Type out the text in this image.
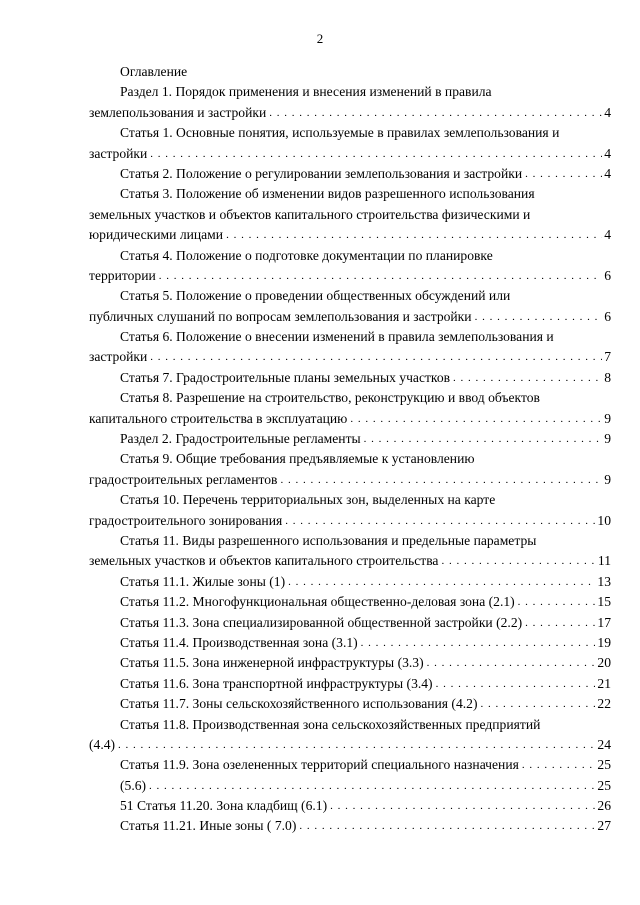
2
Оглавление
Раздел 1. Порядок применения и внесения изменений в правила
землепользования и застройки . . .	4
Статья 1. Основные понятия, используемые в правилах землепользования и
застройки . . .	4
Статья 2. Положение о регулировании землепользования и застройки . . .	4
Статья 3. Положение об изменении видов разрешенного использования
земельных участков и объектов капитального строительства физическими и
юридическими лицами . . .	4
Статья 4. Положение о подготовке документации по планировке
территории . . .	6
Статья 5. Положение о проведении общественных обсуждений или
публичных слушаний по вопросам землепользования и застройки . . .	6
Статья 6. Положение о внесении изменений в правила землепользования и
застройки . . .	7
Статья 7. Градостроительные планы земельных участков . . .	8
Статья 8. Разрешение на строительство, реконструкцию и ввод объектов
капитального строительства в эксплуатацию . . .	9
Раздел 2. Градостроительные регламенты . . .	9
Статья 9. Общие требования предъявляемые к установлению
градостроительных регламентов . . .	9
Статья 10. Перечень территориальных зон, выделенных на карте
градостроительного зонирования . . .	10
Статья 11. Виды разрешенного использования и предельные параметры
земельных участков и объектов капитального строительства . . .	11
Статья 11.1. Жилые зоны (1) . . .	13
Статья 11.2. Многофункциональная общественно-деловая зона (2.1) . . .	15
Статья 11.3. Зона специализированной общественной застройки (2.2) . . .	17
Статья 11.4. Производственная зона (3.1) . . .	19
Статья 11.5. Зона инженерной инфраструктуры (3.3) . . .	20
Статья 11.6. Зона транспортной инфраструктуры (3.4) . . .	21
Статья 11.7. Зоны сельскохозяйственного использования (4.2) . . .	22
Статья 11.8. Производственная зона сельскохозяйственных предприятий
(4.4) . . .	24
Статья 11.9. Зона озелененных территорий специального назначения . . .	25
(5.6) . . .	25
51 Статья 11.20. Зона кладбищ (6.1) . . .	26
Статья 11.21. Иные зоны ( 7.0) . . .	27
